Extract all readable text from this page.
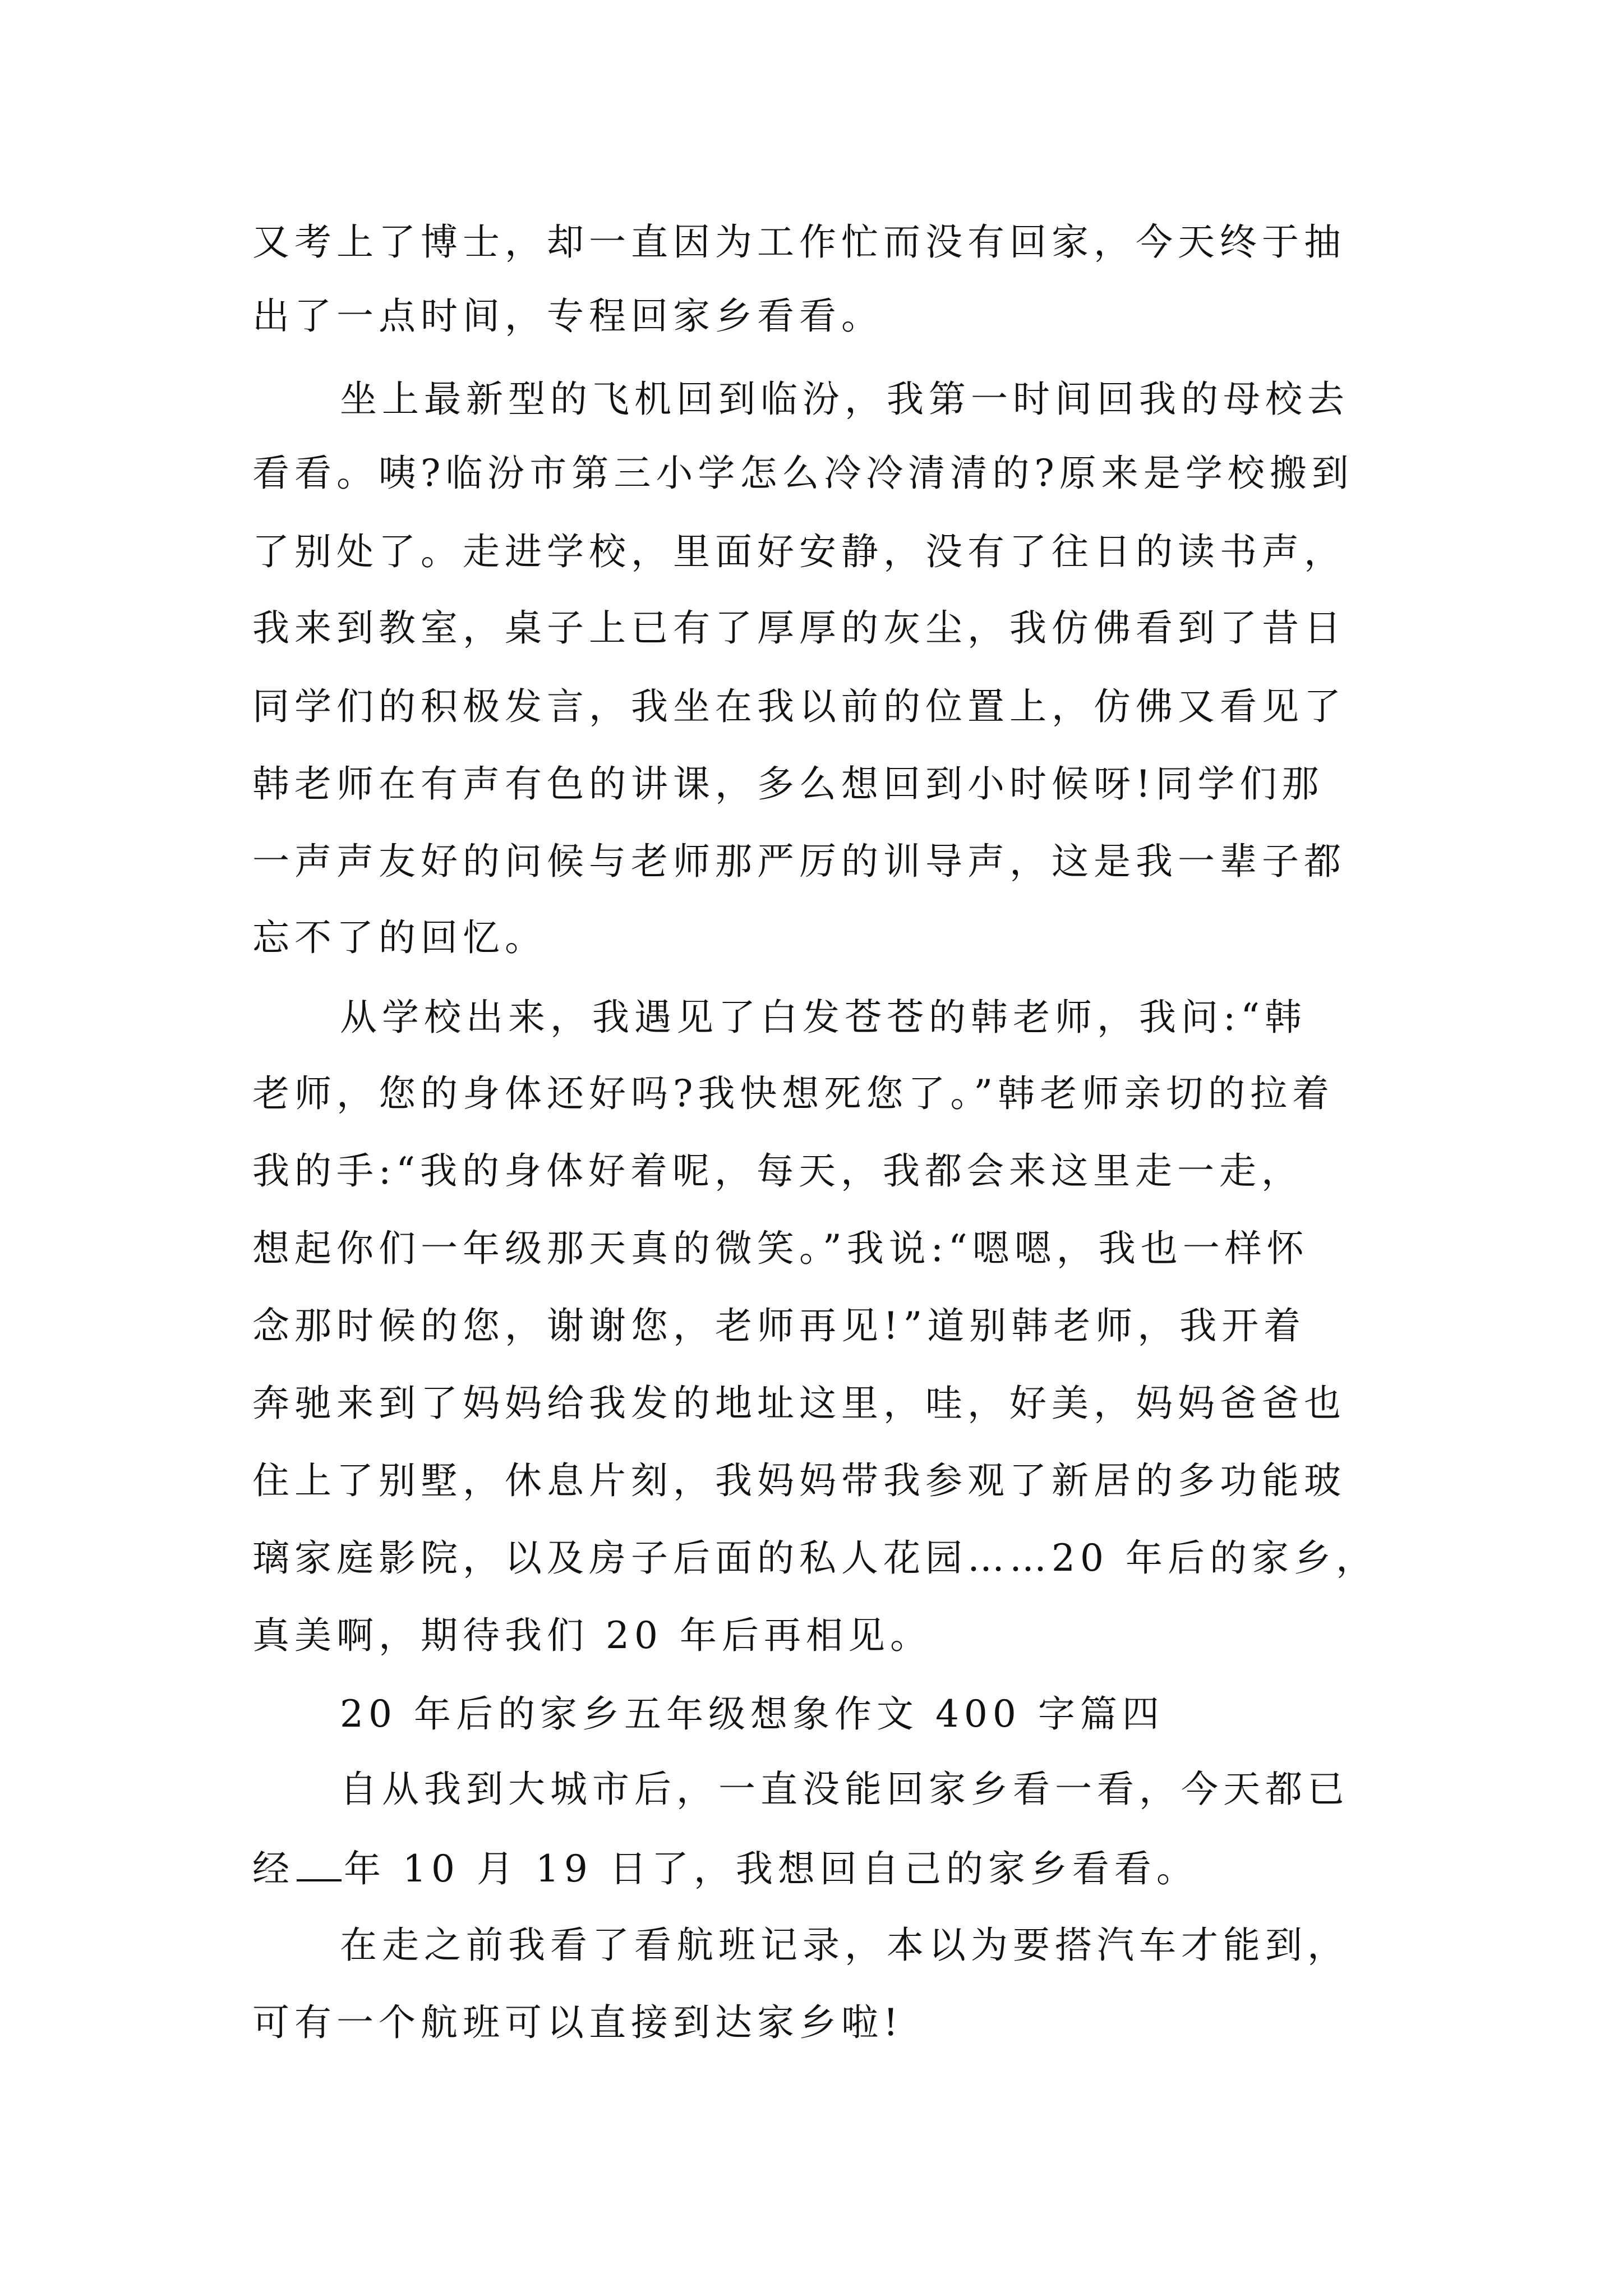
又考上了博士，却一直因为工作忙而没有回家，今天终于抽
出了一点时间，专程回家乡看看。
坐上最新型的飞机回到临汾，我第一时间回我的母校去
看看。咦?临汾市第三小学怎么冷冷清清的?原来是学校搬到
了别处了。走进学校，里面好安静，没有了往日的读书声，
我来到教室，桌子上已有了厚厚的灰尘，我仿佛看到了昔日
同学们的积极发言，我坐在我以前的位置上，仿佛又看见了
韩老师在有声有色的讲课，多么想回到小时候呀!同学们那
一声声友好的问候与老师那严厉的训导声，这是我一辈子都
忘不了的回忆。
从学校出来，我遇见了白发苍苍的韩老师，我问:“韩
老师，您的身体还好吗?我快想死您了。”韩老师亲切的拉着
我的手:“我的身体好着呢，每天，我都会来这里走一走，
想起你们一年级那天真的微笑。”我说:“嗯嗯，我也一样怀
念那时候的您，谢谢您，老师再见!”道别韩老师，我开着
奔驰来到了妈妈给我发的地址这里，哇，好美，妈妈爸爸也
住上了别墅，休息片刻，我妈妈带我参观了新居的多功能玻
璃家庭影院，以及房子后面的私人花园……20 年后的家乡，
真美啊，期待我们 20 年后再相见。
20 年后的家乡五年级想象作文 400 字篇四
自从我到大城市后，一直没能回家乡看一看，今天都已
经 年 10 月 19 日了，我想回自己的家乡看看。
在走之前我看了看航班记录，本以为要搭汽车才能到，
可有一个航班可以直接到达家乡啦!
